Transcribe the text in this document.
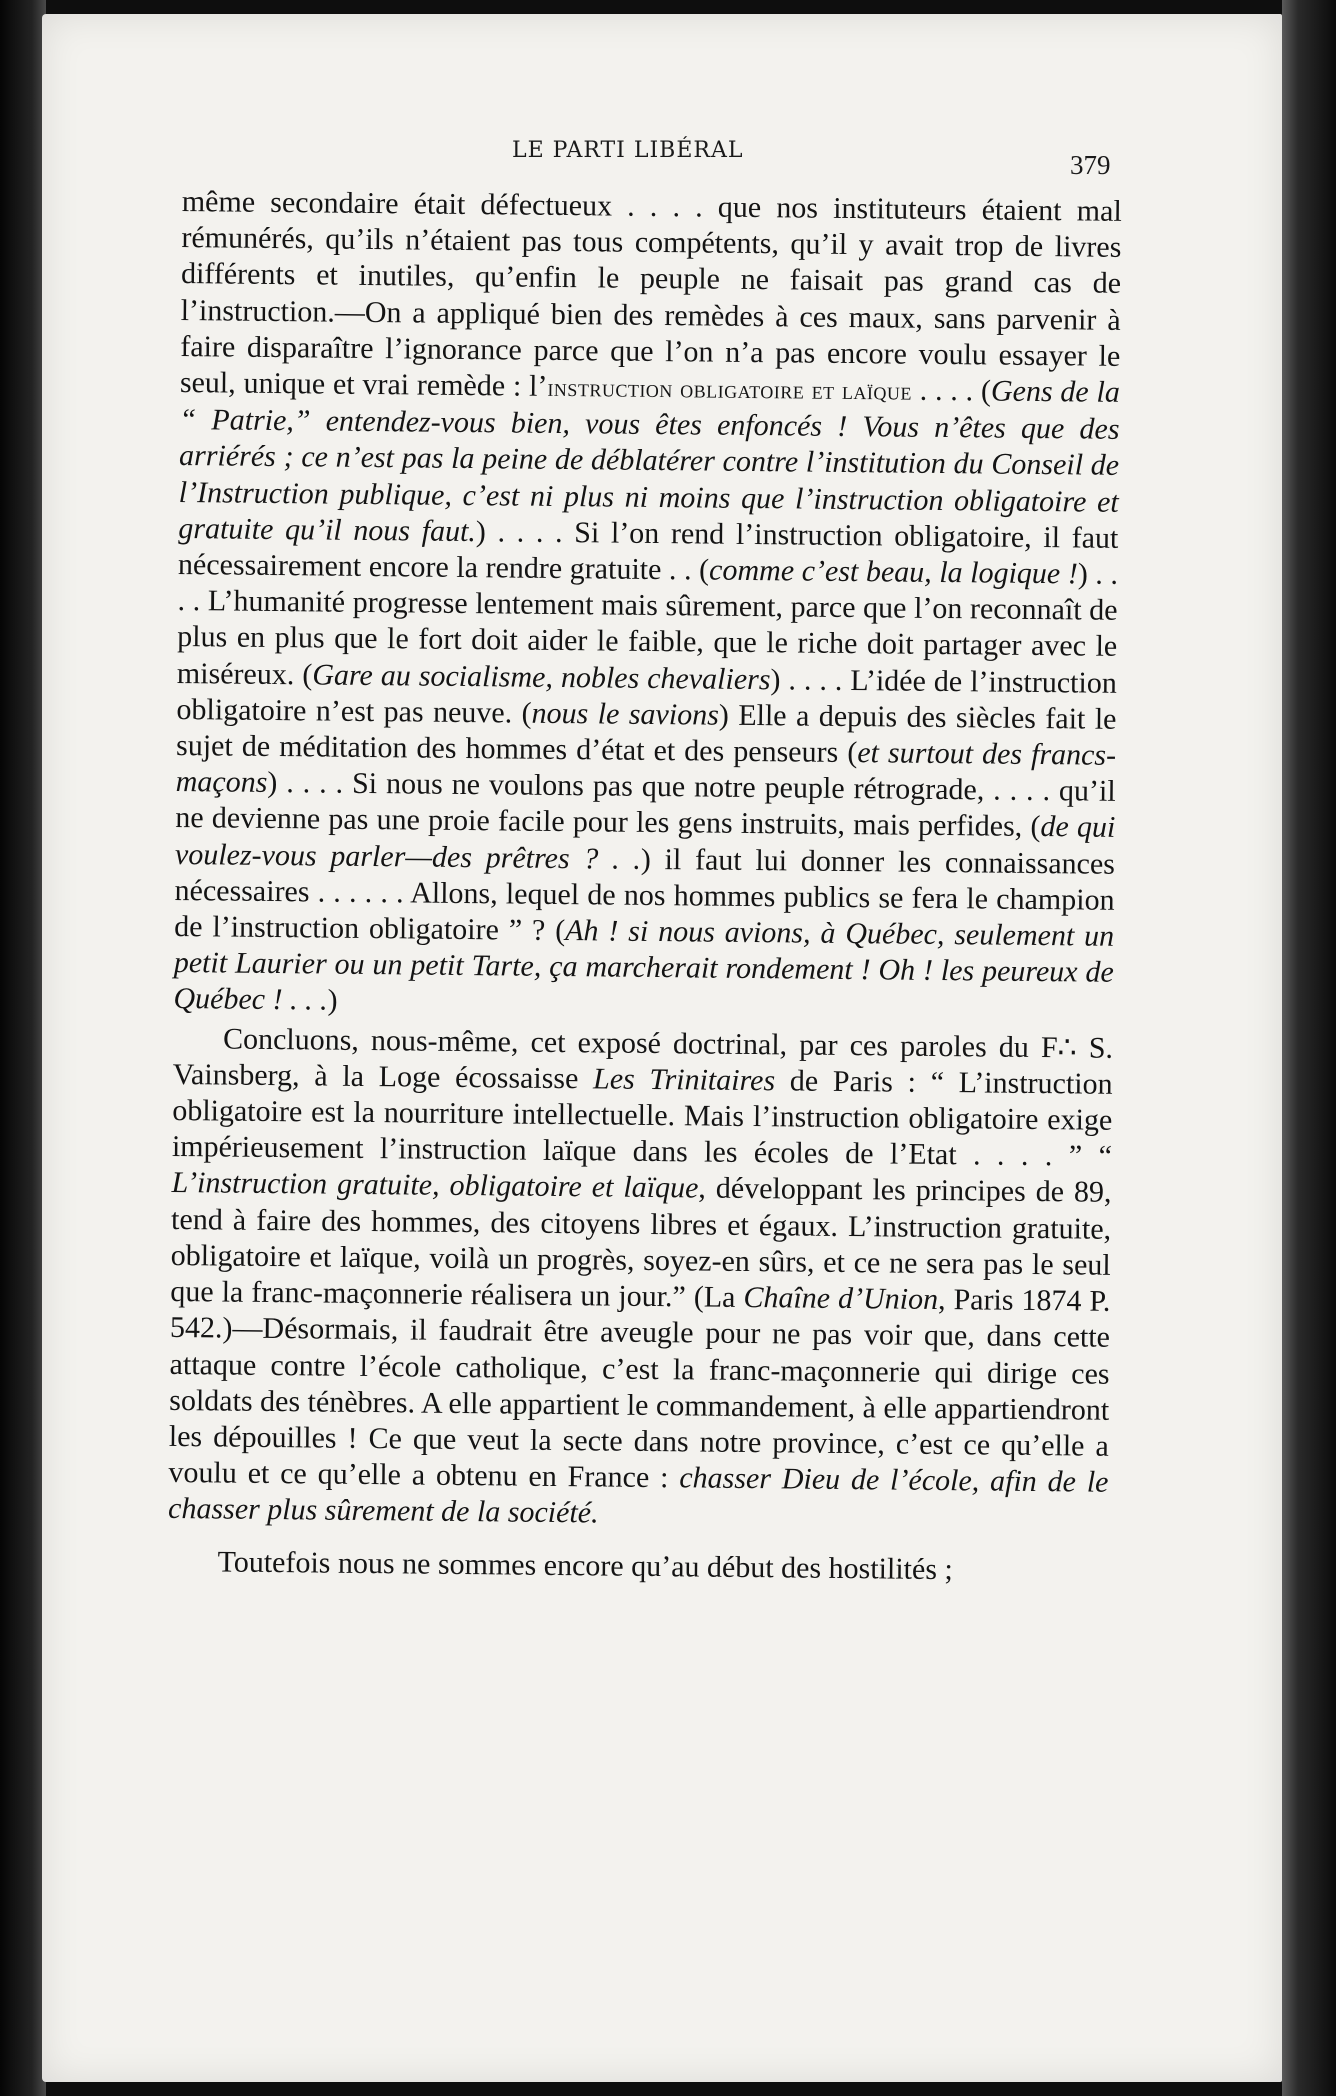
LE PARTI LIBÉRAL	379

même secondaire était défectueux . . . . que nos instituteurs étaient mal rémunérés, qu’ils n’étaient pas tous compétents, qu’il y avait trop de livres différents et inutiles, qu’enfin le peuple ne faisait pas grand cas de l’instruction.—On a appliqué bien des remèdes à ces maux, sans parvenir à faire disparaître l’ignorance parce que l’on n’a pas encore voulu essayer le seul, unique et vrai remède : l’instruction obligatoire et laïque . . . . (Gens de la “ Patrie,” entendez-vous bien, vous êtes enfoncés ! Vous n’êtes que des arriérés ; ce n’est pas la peine de déblatérer contre l’institution du Conseil de l’Instruction publique, c’est ni plus ni moins que l’instruction obligatoire et gratuite qu’il nous faut.) . . . . Si l’on rend l’instruction obligatoire, il faut nécessairement encore la rendre gratuite . . (comme c’est beau, la logique !) . . . . L’humanité progresse lentement mais sûrement, parce que l’on reconnaît de plus en plus que le fort doit aider le faible, que le riche doit partager avec le miséreux. (Gare au socialisme, nobles chevaliers) . . . . L’idée de l’instruction obligatoire n’est pas neuve. (nous le savions) Elle a depuis des siècles fait le sujet de méditation des hommes d’état et des penseurs (et surtout des francs-maçons) . . . . Si nous ne voulons pas que notre peuple rétrograde, . . . . qu’il ne devienne pas une proie facile pour les gens instruits, mais perfides, (de qui voulez-vous parler—des prêtres ? . .) il faut lui donner les connaissances nécessaires . . . . . . Allons, lequel de nos hommes publics se fera le champion de l’instruction obligatoire ” ? (Ah ! si nous avions, à Québec, seulement un petit Laurier ou un petit Tarte, ça marcherait rondement ! Oh ! les peureux de Québec ! . . .)

Concluons, nous-même, cet exposé doctrinal, par ces paroles du F∴ S. Vainsberg, à la Loge écossaisse Les Trinitaires de Paris : “ L’instruction obligatoire est la nourriture intellectuelle. Mais l’instruction obligatoire exige impérieusement l’instruction laïque dans les écoles de l’Etat . . . . ” “ L’instruction gratuite, obligatoire et laïque, développant les principes de 89, tend à faire des hommes, des citoyens libres et égaux. L’instruction gratuite, obligatoire et laïque, voilà un progrès, soyez-en sûrs, et ce ne sera pas le seul que la franc-maçonnerie réalisera un jour.” (La Chaîne d’Union, Paris 1874 P. 542.)—Désormais, il faudrait être aveugle pour ne pas voir que, dans cette attaque contre l’école catholique, c’est la franc-maçonnerie qui dirige ces soldats des ténèbres. A elle appartient le commandement, à elle appartiendront les dépouilles ! Ce que veut la secte dans notre province, c’est ce qu’elle a voulu et ce qu’elle a obtenu en France : chasser Dieu de l’école, afin de le chasser plus sûrement de la société.

Toutefois nous ne sommes encore qu’au début des hostilités ;
